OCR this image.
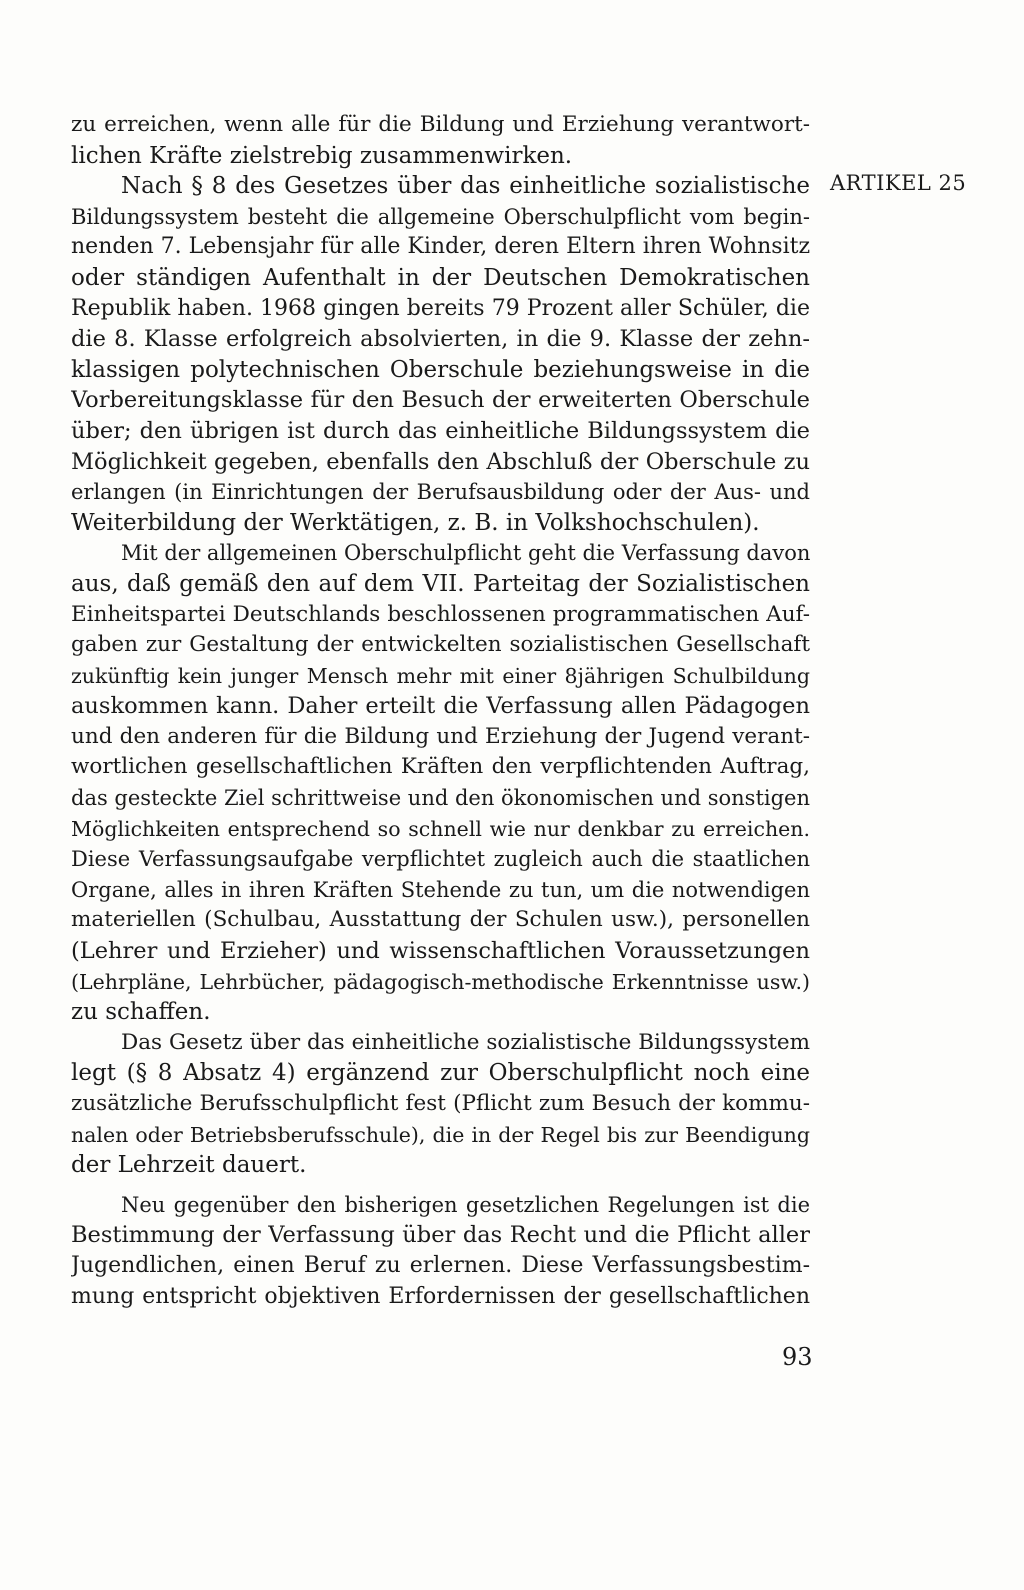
zu erreichen, wenn alle für die Bildung und Erziehung verantwort-
lichen Kräfte zielstrebig zusammenwirken.
Nach § 8 des Gesetzes über das einheitliche sozialistische
Bildungssystem besteht die allgemeine Oberschulpflicht vom begin-
nenden 7. Lebensjahr für alle Kinder, deren Eltern ihren Wohnsitz
oder ständigen Aufenthalt in der Deutschen Demokratischen
Republik haben. 1968 gingen bereits 79 Prozent aller Schüler, die
die 8. Klasse erfolgreich absolvierten, in die 9. Klasse der zehn-
klassigen polytechnischen Oberschule beziehungsweise in die
Vorbereitungsklasse für den Besuch der erweiterten Oberschule
über; den übrigen ist durch das einheitliche Bildungssystem die
Möglichkeit gegeben, ebenfalls den Abschluß der Oberschule zu
erlangen (in Einrichtungen der Berufsausbildung oder der Aus- und
Weiterbildung der Werktätigen, z. B. in Volkshochschulen).
Mit der allgemeinen Oberschulpflicht geht die Verfassung davon
aus, daß gemäß den auf dem VII. Parteitag der Sozialistischen
Einheitspartei Deutschlands beschlossenen programmatischen Auf-
gaben zur Gestaltung der entwickelten sozialistischen Gesellschaft
zukünftig kein junger Mensch mehr mit einer 8jährigen Schulbildung
auskommen kann. Daher erteilt die Verfassung allen Pädagogen
und den anderen für die Bildung und Erziehung der Jugend verant-
wortlichen gesellschaftlichen Kräften den verpflichtenden Auftrag,
das gesteckte Ziel schrittweise und den ökonomischen und sonstigen
Möglichkeiten entsprechend so schnell wie nur denkbar zu erreichen.
Diese Verfassungsaufgabe verpflichtet zugleich auch die staatlichen
Organe, alles in ihren Kräften Stehende zu tun, um die notwendigen
materiellen (Schulbau, Ausstattung der Schulen usw.), personellen
(Lehrer und Erzieher) und wissenschaftlichen Voraussetzungen
(Lehrpläne, Lehrbücher, pädagogisch-methodische Erkenntnisse usw.)
zu schaffen.
Das Gesetz über das einheitliche sozialistische Bildungssystem
legt (§ 8 Absatz 4) ergänzend zur Oberschulpflicht noch eine
zusätzliche Berufsschulpflicht fest (Pflicht zum Besuch der kommu-
nalen oder Betriebsberufsschule), die in der Regel bis zur Beendigung
der Lehrzeit dauert.
Neu gegenüber den bisherigen gesetzlichen Regelungen ist die
Bestimmung der Verfassung über das Recht und die Pflicht aller
Jugendlichen, einen Beruf zu erlernen. Diese Verfassungsbestim-
mung entspricht objektiven Erfordernissen der gesellschaftlichen
ARTIKEL 25
93
